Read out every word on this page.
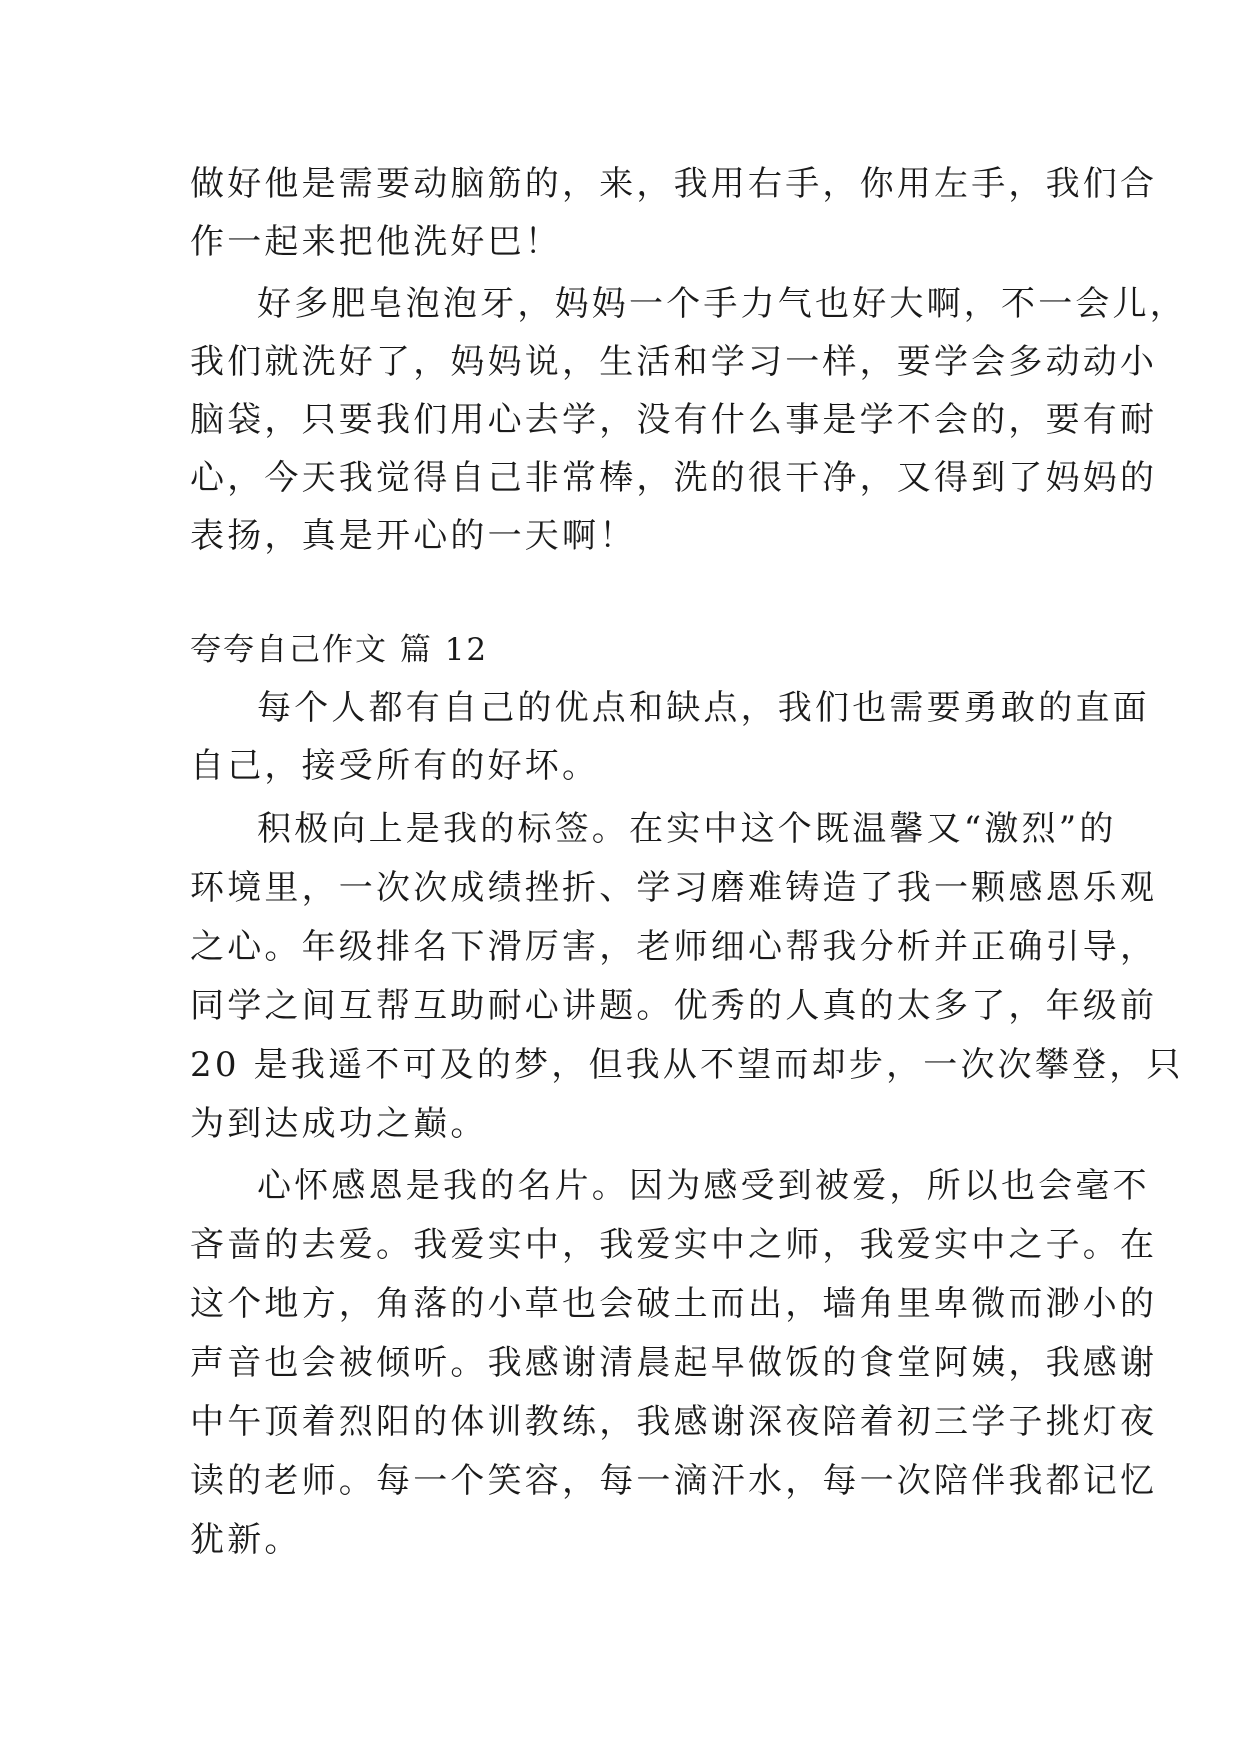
做好他是需要动脑筋的，来，我用右手，你用左手，我们合
作一起来把他洗好巴！
好多肥皂泡泡牙，妈妈一个手力气也好大啊，不一会儿，
我们就洗好了，妈妈说，生活和学习一样，要学会多动动小
脑袋，只要我们用心去学，没有什么事是学不会的，要有耐
心，今天我觉得自己非常棒，洗的很干净，又得到了妈妈的
表扬，真是开心的一天啊！
夸夸自己作文 篇 12
每个人都有自己的优点和缺点，我们也需要勇敢的直面
自己，接受所有的好坏。
积极向上是我的标签。在实中这个既温馨又“激烈”的
环境里，一次次成绩挫折、学习磨难铸造了我一颗感恩乐观
之心。年级排名下滑厉害，老师细心帮我分析并正确引导，
同学之间互帮互助耐心讲题。优秀的人真的太多了，年级前
20 是我遥不可及的梦，但我从不望而却步，一次次攀登，只
为到达成功之巅。
心怀感恩是我的名片。因为感受到被爱，所以也会毫不
吝啬的去爱。我爱实中，我爱实中之师，我爱实中之子。在
这个地方，角落的小草也会破土而出，墙角里卑微而渺小的
声音也会被倾听。我感谢清晨起早做饭的食堂阿姨，我感谢
中午顶着烈阳的体训教练，我感谢深夜陪着初三学子挑灯夜
读的老师。每一个笑容，每一滴汗水，每一次陪伴我都记忆
犹新。
